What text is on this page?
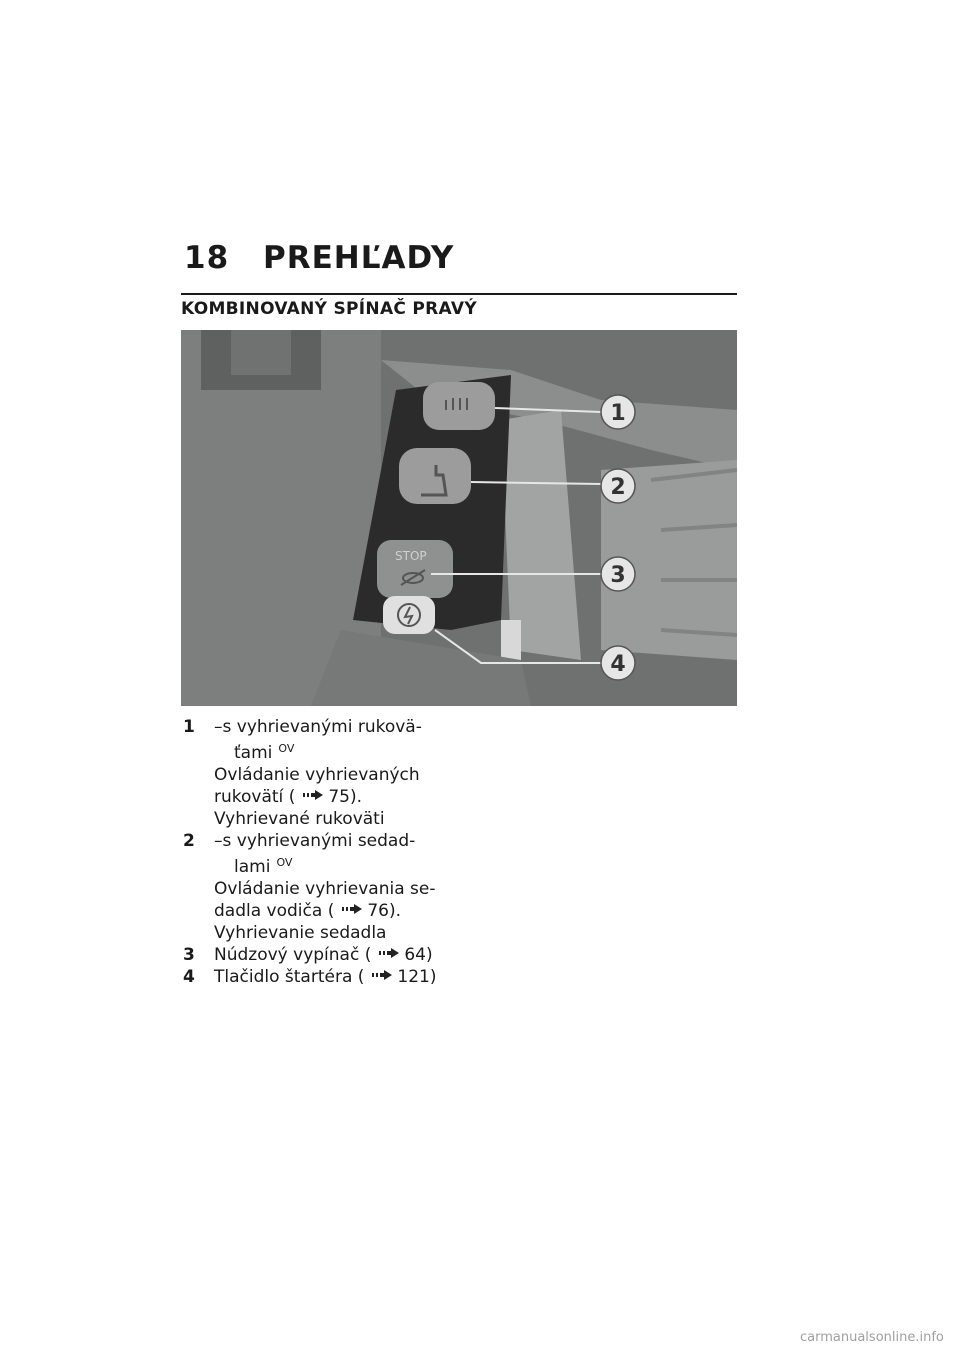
18 PREHĽADY
KOMBINOVANÝ SPÍNAČ PRAVÝ
STOP
1
2
3
4
1 –s vyhrievanými rukovä-
ťami $^{OV}$
Ovládanie vyhrievaných
rukovätí ( 75).
Vyhrievané rukoväti
2 –s vyhrievanými sedad-
lami $^{OV}$
Ovládanie vyhrievania se-
dadla vodiča ( 76).
Vyhrievanie sedadla
3 Núdzový vypínač ( 64)
4 Tlačidlo štartéra ( 121)
carmanualsonline.info
